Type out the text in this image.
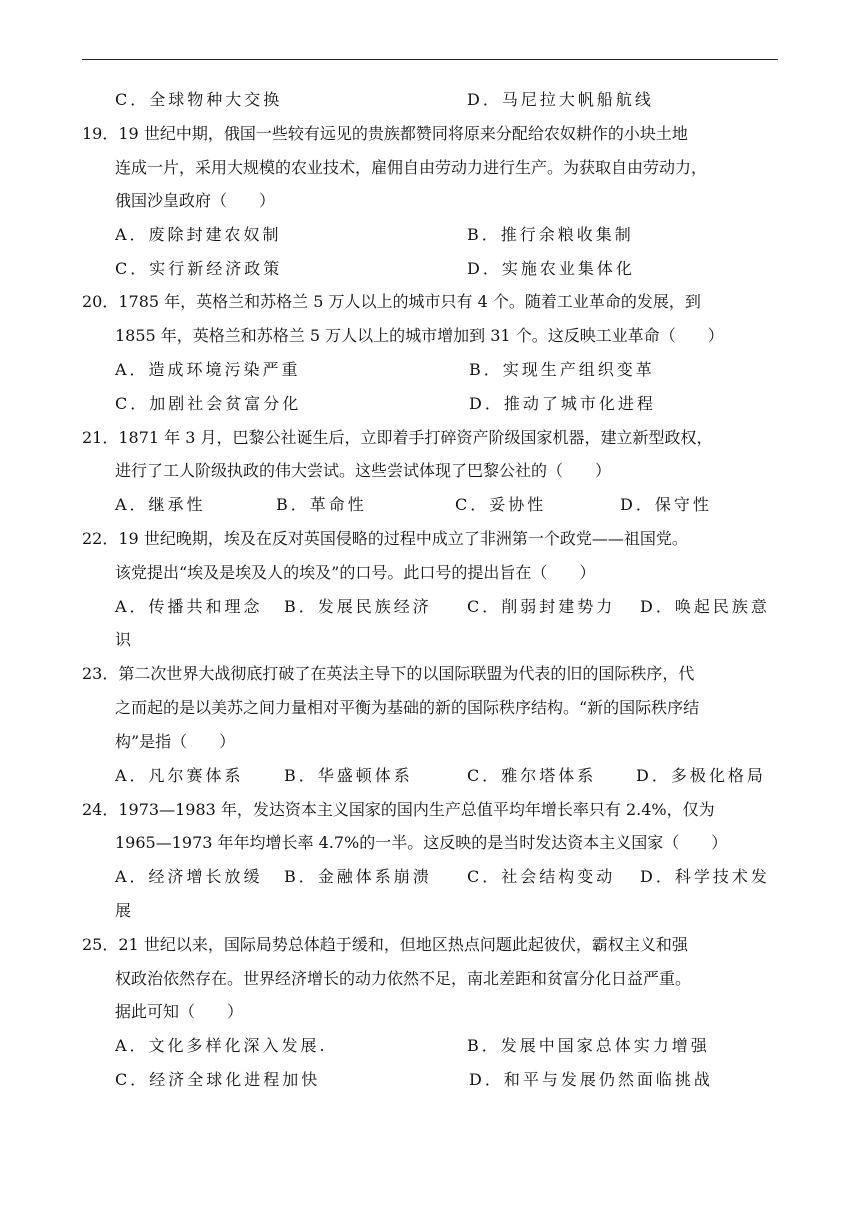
C．全球物种大交换	D．马尼拉大帆船航线
19．19 世纪中期，俄国一些较有远见的贵族都赞同将原来分配给农奴耕作的小块土地
连成一片，采用大规模的农业技术，雇佣自由劳动力进行生产。为获取自由劳动力，
俄国沙皇政府（　　）
A．废除封建农奴制	B．推行余粮收集制
C．实行新经济政策	D．实施农业集体化
20．1785 年，英格兰和苏格兰 5 万人以上的城市只有 4 个。随着工业革命的发展，到
1855 年，英格兰和苏格兰 5 万人以上的城市增加到 31 个。这反映工业革命（　　）
A．造成环境污染严重	B．实现生产组织变革
C．加剧社会贫富分化	D．推动了城市化进程
21．1871 年 3 月，巴黎公社诞生后，立即着手打碎资产阶级国家机器，建立新型政权，
进行了工人阶级执政的伟大尝试。这些尝试体现了巴黎公社的（　　）
A．继承性	B．革命性	C．妥协性	D．保守性
22．19 世纪晚期，埃及在反对英国侵略的过程中成立了非洲第一个政党——祖国党。
该党提出“埃及是埃及人的埃及”的口号。此口号的提出旨在（　　）
A．传播共和理念 B．发展民族经济 C．削弱封建势力 D．唤起民族意
识
23．第二次世界大战彻底打破了在英法主导下的以国际联盟为代表的旧的国际秩序，代
之而起的是以美苏之间力量相对平衡为基础的新的国际秩序结构。“新的国际秩序结
构”是指（　　）
A．凡尔赛体系	B．华盛顿体系	C．雅尔塔体系 D．多极化格局
24．1973—1983 年，发达资本主义国家的国内生产总值平均年增长率只有 2.4%，仅为
1965—1973 年年均增长率 4.7%的一半。这反映的是当时发达资本主义国家（　　）
A．经济增长放缓 B．金融体系崩溃 C．社会结构变动 D．科学技术发
展
25．21 世纪以来，国际局势总体趋于缓和，但地区热点问题此起彼伏，霸权主义和强
权政治依然存在。世界经济增长的动力依然不足，南北差距和贫富分化日益严重。
据此可知（　　）
A．文化多样化深入发展.	B．发展中国家总体实力增强
C．经济全球化进程加快	D．和平与发展仍然面临挑战
